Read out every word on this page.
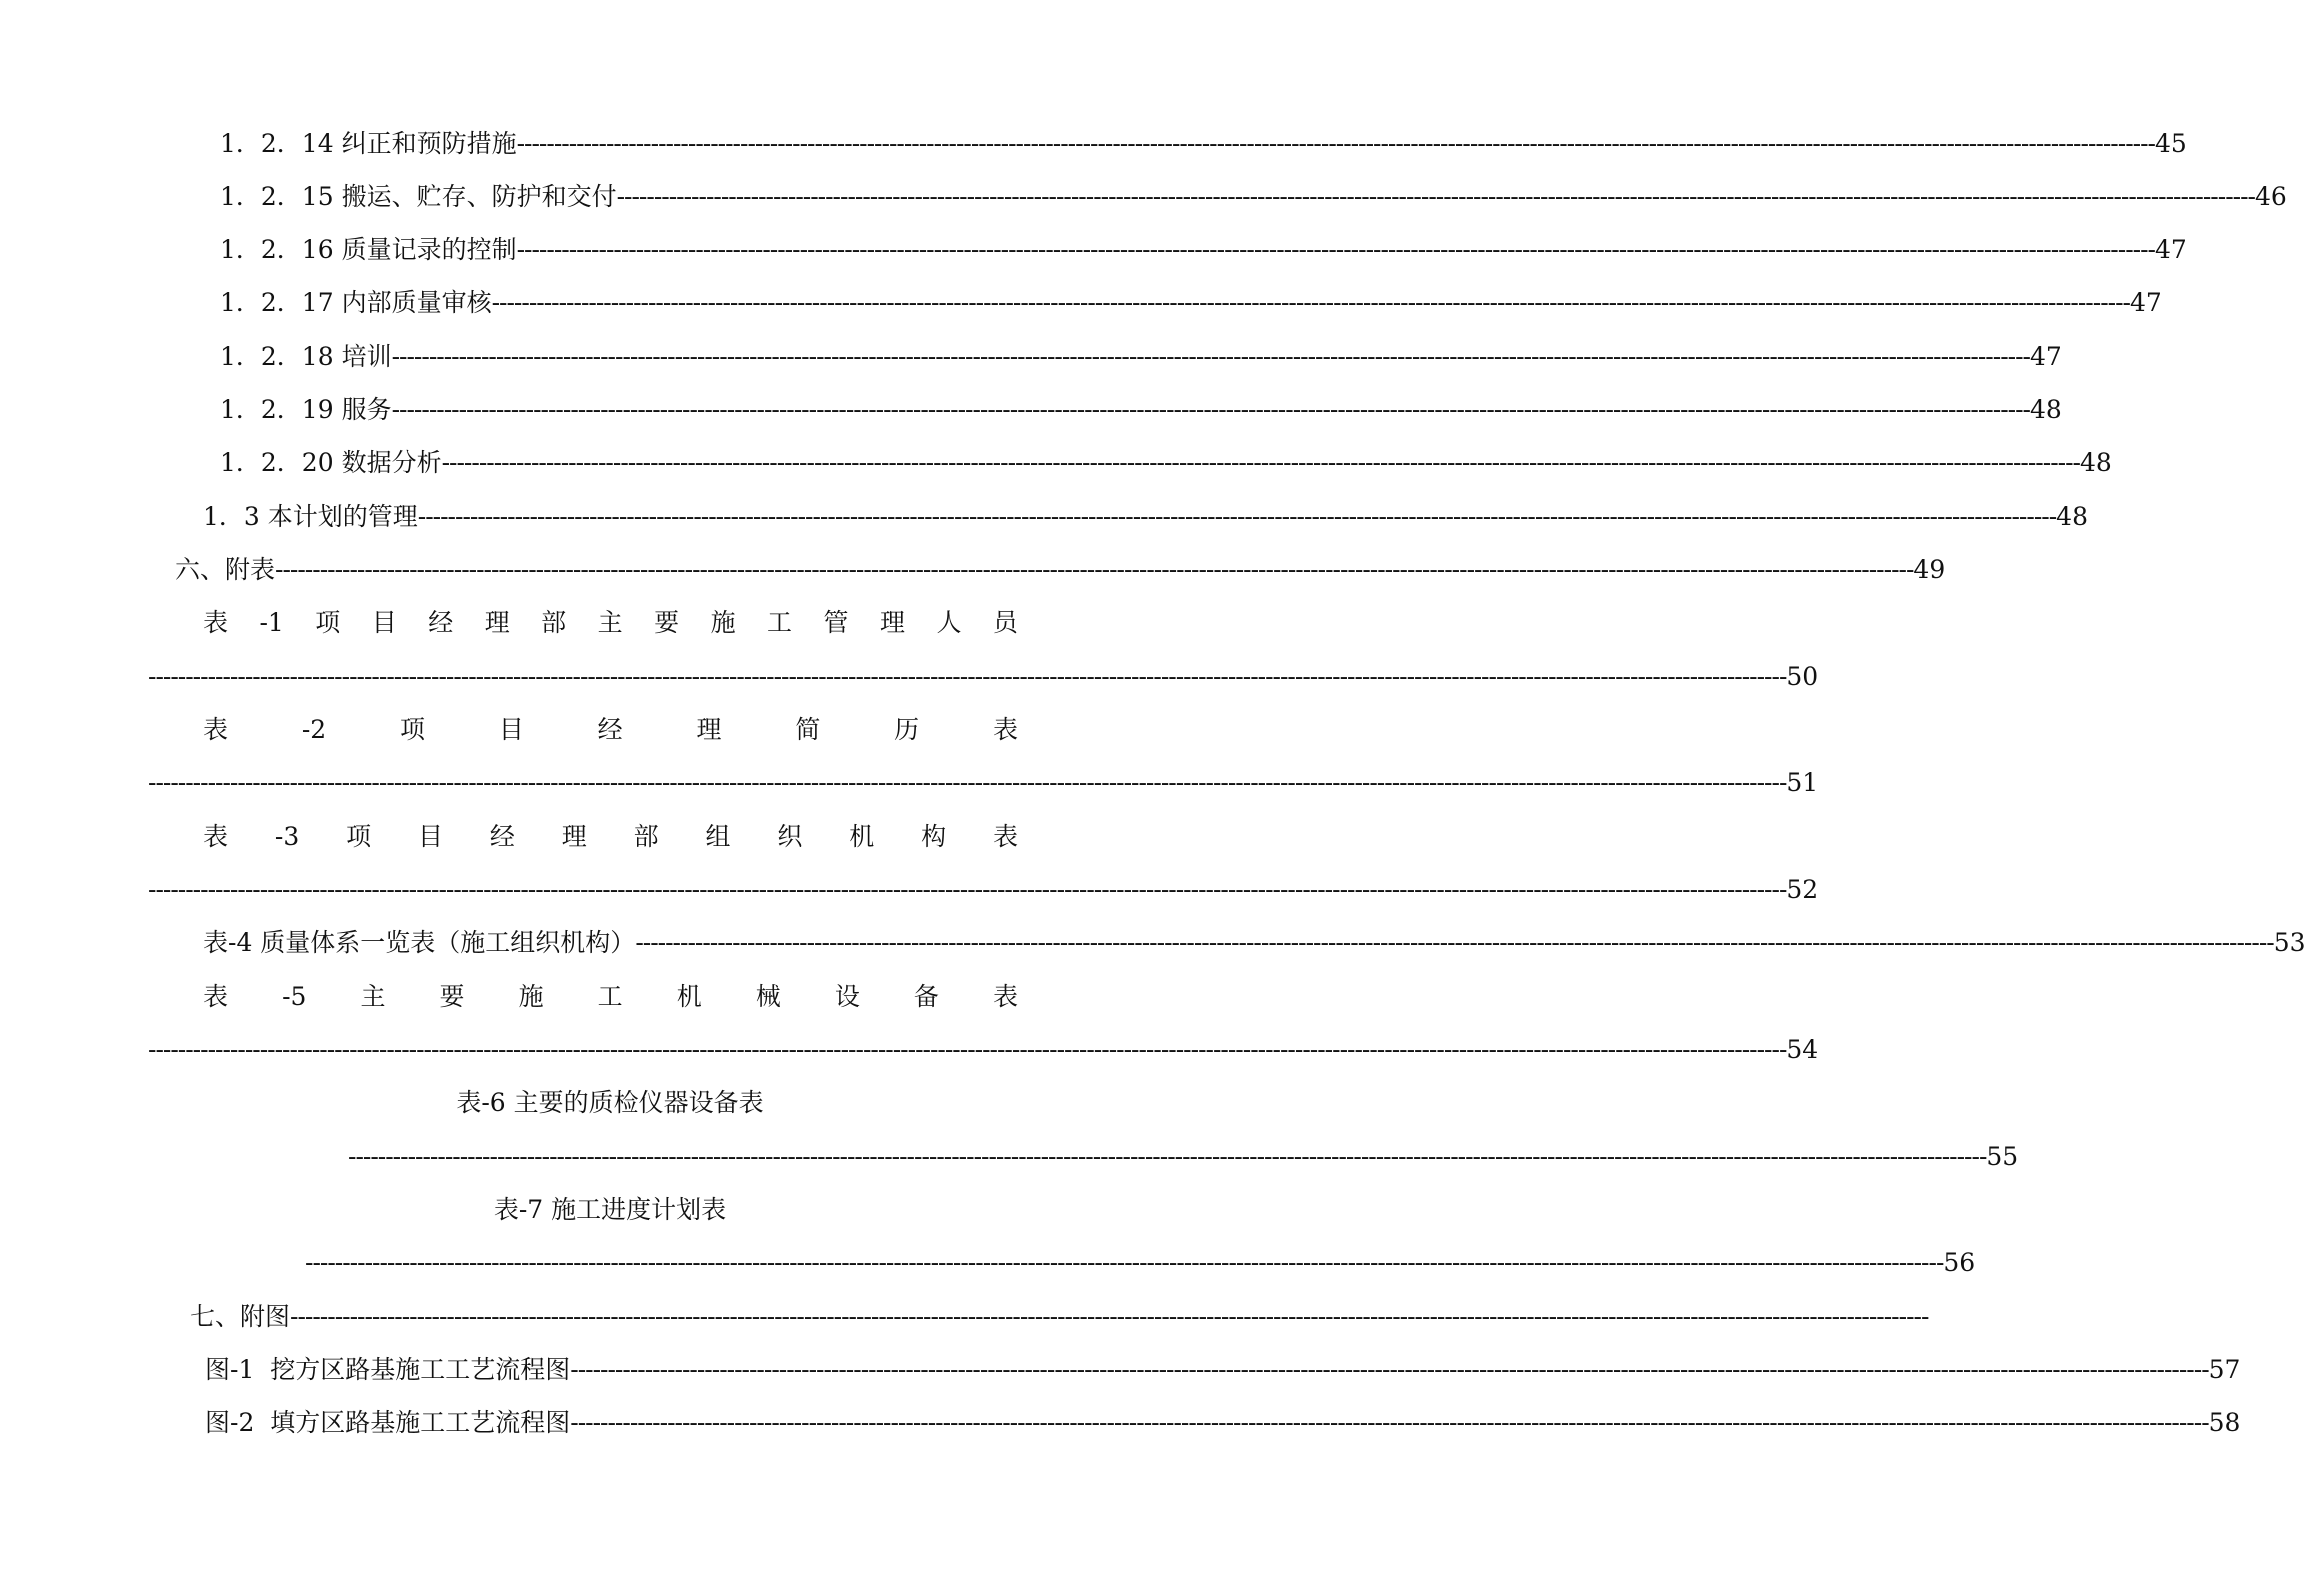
1．2．14 纠正和预防措施 ---------------------------------------------------------------------------------------------------------------------------------------------------------------------------------------------------------------------------- 45
1．2．15 搬运、贮存、防护和交付 ---------------------------------------------------------------------------------------------------------------------------------------------------------------------------------------------------------------------------- 46
1．2．16 质量记录的控制 ---------------------------------------------------------------------------------------------------------------------------------------------------------------------------------------------------------------------------- 47
1．2．17 内部质量审核 ---------------------------------------------------------------------------------------------------------------------------------------------------------------------------------------------------------------------------- 47
1．2．18 培训 ---------------------------------------------------------------------------------------------------------------------------------------------------------------------------------------------------------------------------- 47
1．2．19 服务 ---------------------------------------------------------------------------------------------------------------------------------------------------------------------------------------------------------------------------- 48
1．2．20 数据分析 ---------------------------------------------------------------------------------------------------------------------------------------------------------------------------------------------------------------------------- 48
1．3 本计划的管理 ---------------------------------------------------------------------------------------------------------------------------------------------------------------------------------------------------------------------------- 48
六、附表 ---------------------------------------------------------------------------------------------------------------------------------------------------------------------------------------------------------------------------- 49
表 -1 项 目 经 理 部 主 要 施 工 管 理 人 员
---------------------------------------------------------------------------------------------------------------------------------------------------------------------------------------------------------------------------- 50
表	-2	项	目	经	理	简	历	表
---------------------------------------------------------------------------------------------------------------------------------------------------------------------------------------------------------------------------- 51
表 -3 项 目 经 理 部 组 织 机 构 表
---------------------------------------------------------------------------------------------------------------------------------------------------------------------------------------------------------------------------- 52
表-4 质量体系一览表（施工组织机构） ---------------------------------------------------------------------------------------------------------------------------------------------------------------------------------------------------------------------------- 53
表 -5 主 要 施 工 机 械 设 备 表
---------------------------------------------------------------------------------------------------------------------------------------------------------------------------------------------------------------------------- 54
表-6 主要的质检仪器设备表
---------------------------------------------------------------------------------------------------------------------------------------------------------------------------------------------------------------------------- 55
表-7 施工进度计划表
---------------------------------------------------------------------------------------------------------------------------------------------------------------------------------------------------------------------------- 56
七、附图 ----------------------------------------------------------------------------------------------------------------------------------------------------------------------------------------------------------------------------
图-1  挖方区路基施工工艺流程图 ---------------------------------------------------------------------------------------------------------------------------------------------------------------------------------------------------------------------------- 57
图-2  填方区路基施工工艺流程图 ---------------------------------------------------------------------------------------------------------------------------------------------------------------------------------------------------------------------------- 58
